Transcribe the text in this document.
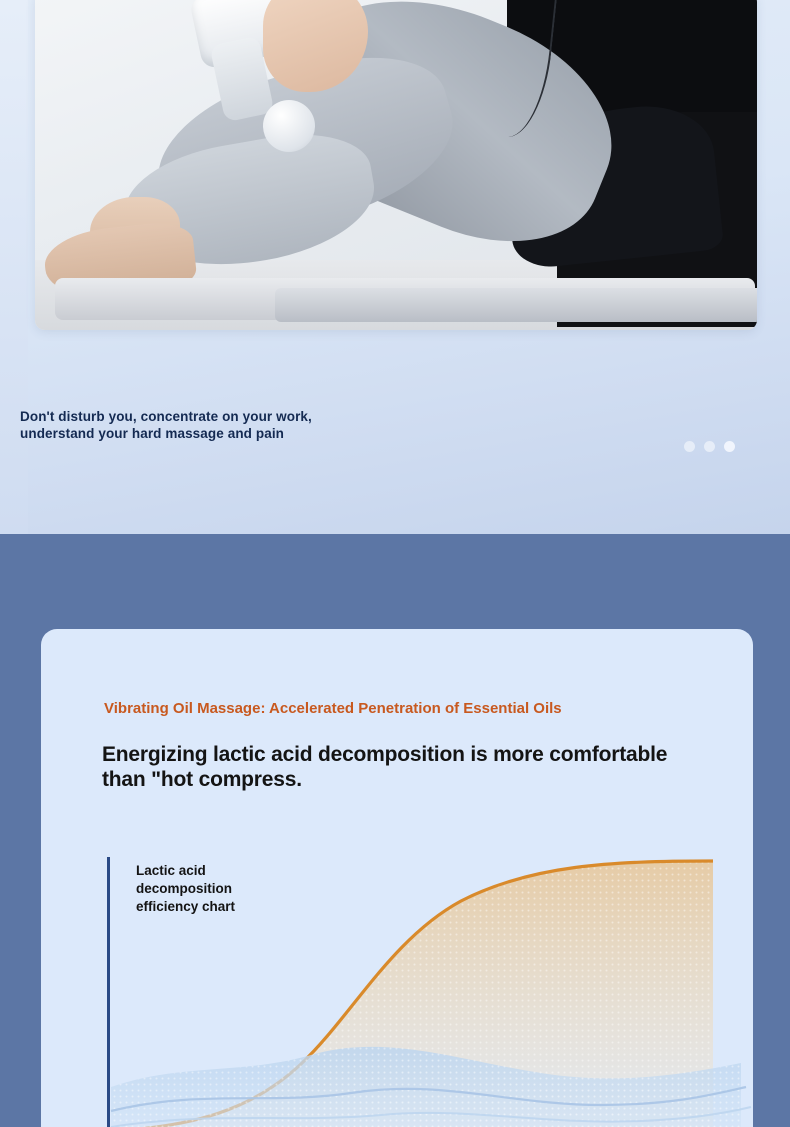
Don't disturb you, concentrate on your work, understand your hard massage and pain

Vibrating Oil Massage: Accelerated Penetration of Essential Oils
Energizing lactic acid decomposition is more comfortable than "hot compress.
Lactic acid decomposition efficiency chart
